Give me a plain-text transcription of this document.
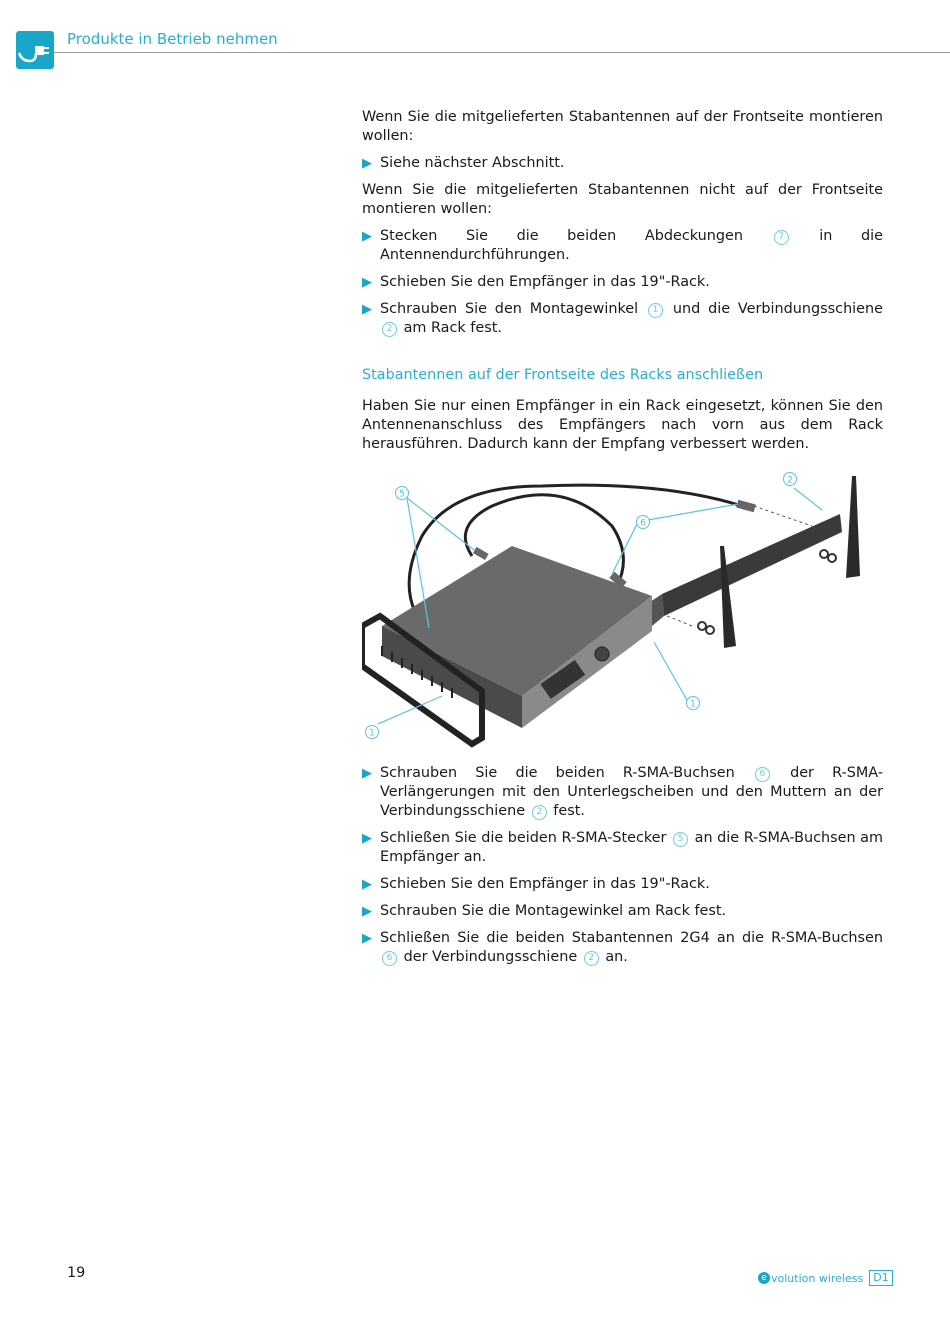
Produkte in Betrieb nehmen

Wenn Sie die mitgelieferten Stabantennen auf der Frontseite montieren wollen:

▶ Siehe nächster Abschnitt.

Wenn Sie die mitgelieferten Stabantennen nicht auf der Frontseite montieren wollen:

▶ Stecken Sie die beiden Abdeckungen	7 in die Antennendurchführungen.
▶ Schieben Sie den Empfänger in das 19"-Rack.
▶ Schrauben Sie den Montagewinkel 1 und die Verbindungsschiene 2 am Rack fest.
Stabantennen auf der Frontseite des Racks anschließen

Haben Sie nur einen Empfänger in ein Rack eingesetzt, können Sie den Antennenanschluss des Empfängers nach vorn aus dem Rack herausführen. Dadurch kann der Empfang verbessert werden.

5
6
2
1
1
▶ Schrauben Sie die beiden R-SMA-Buchsen	6 der R-SMA-Verlängerungen mit den Unterlegscheiben und den Muttern an der Verbindungsschiene 2 fest.
▶ Schließen Sie die beiden R-SMA-Stecker 5 an die R-SMA-Buchsen am Empfänger an.
▶ Schieben Sie den Empfänger in das 19"-Rack.
▶ Schrauben Sie die Montagewinkel am Rack fest.
▶ Schließen Sie die beiden Stabantennen 2G4 an die R-SMA-Buchsen 6 der Verbindungsschiene 2 an.
19	e volution wireless D1
